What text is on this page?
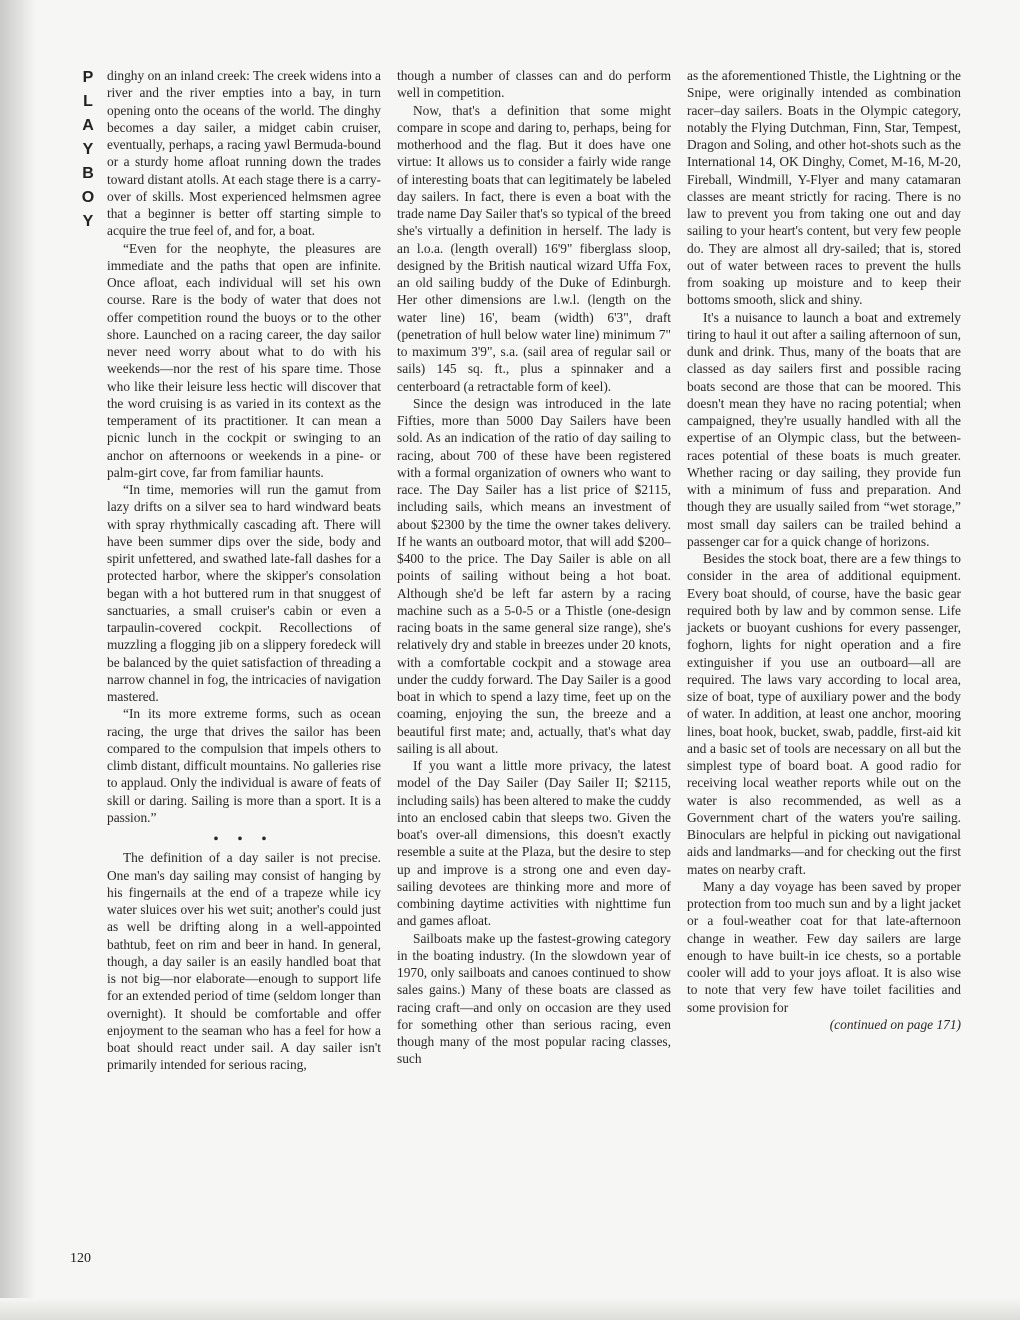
P
L
A
Y
B
O
Y

dinghy on an inland creek: The creek widens into a river and the river empties into a bay, in turn opening onto the oceans of the world. The dinghy becomes a day sailer, a midget cabin cruiser, eventually, perhaps, a racing yawl Bermuda-bound or a sturdy home afloat running down the trades toward distant atolls. At each stage there is a carry-over of skills. Most experienced helmsmen agree that a beginner is better off starting simple to acquire the true feel of, and for, a boat.

“Even for the neophyte, the pleasures are immediate and the paths that open are infinite. Once afloat, each individual will set his own course. Rare is the body of water that does not offer competition round the buoys or to the other shore. Launched on a racing career, the day sailor never need worry about what to do with his weekends—nor the rest of his spare time. Those who like their leisure less hectic will discover that the word cruising is as varied in its context as the temperament of its practitioner. It can mean a picnic lunch in the cockpit or swinging to an anchor on afternoons or weekends in a pine- or palm-girt cove, far from familiar haunts.

“In time, memories will run the gamut from lazy drifts on a silver sea to hard windward beats with spray rhythmically cascading aft. There will have been summer dips over the side, body and spirit unfettered, and swathed late-fall dashes for a protected harbor, where the skipper's consolation began with a hot buttered rum in that snuggest of sanctuaries, a small cruiser's cabin or even a tarpaulin-covered cockpit. Recollections of muzzling a flogging jib on a slippery foredeck will be balanced by the quiet satisfaction of threading a narrow channel in fog, the intricacies of navigation mastered.

“In its more extreme forms, such as ocean racing, the urge that drives the sailor has been compared to the compulsion that impels others to climb distant, difficult mountains. No galleries rise to applaud. Only the individual is aware of feats of skill or daring. Sailing is more than a sport. It is a passion.”

• • •

The definition of a day sailer is not precise. One man's day sailing may consist of hanging by his fingernails at the end of a trapeze while icy water sluices over his wet suit; another's could just as well be drifting along in a well-appointed bathtub, feet on rim and beer in hand. In general, though, a day sailer is an easily handled boat that is not big—nor elaborate—enough to support life for an extended period of time (seldom longer than overnight). It should be comfortable and offer enjoyment to the seaman who has a feel for how a boat should react under sail. A day sailer isn't primarily intended for serious racing,

though a number of classes can and do perform well in competition.

Now, that's a definition that some might compare in scope and daring to, perhaps, being for motherhood and the flag. But it does have one virtue: It allows us to consider a fairly wide range of interesting boats that can legitimately be labeled day sailers. In fact, there is even a boat with the trade name Day Sailer that's so typical of the breed she's virtually a definition in herself. The lady is an l.o.a. (length overall) 16'9" fiberglass sloop, designed by the British nautical wizard Uffa Fox, an old sailing buddy of the Duke of Edinburgh. Her other dimensions are l.w.l. (length on the water line) 16', beam (width) 6'3", draft (penetration of hull below water line) minimum 7" to maximum 3'9", s.a. (sail area of regular sail or sails) 145 sq. ft., plus a spinnaker and a centerboard (a retractable form of keel).

Since the design was introduced in the late Fifties, more than 5000 Day Sailers have been sold. As an indication of the ratio of day sailing to racing, about 700 of these have been registered with a formal organization of owners who want to race. The Day Sailer has a list price of $2115, including sails, which means an investment of about $2300 by the time the owner takes delivery. If he wants an outboard motor, that will add $200–$400 to the price. The Day Sailer is able on all points of sailing without being a hot boat. Although she'd be left far astern by a racing machine such as a 5-0-5 or a Thistle (one-design racing boats in the same general size range), she's relatively dry and stable in breezes under 20 knots, with a comfortable cockpit and a stowage area under the cuddy forward. The Day Sailer is a good boat in which to spend a lazy time, feet up on the coaming, enjoying the sun, the breeze and a beautiful first mate; and, actually, that's what day sailing is all about.

If you want a little more privacy, the latest model of the Day Sailer (Day Sailer II; $2115, including sails) has been altered to make the cuddy into an enclosed cabin that sleeps two. Given the boat's over-all dimensions, this doesn't exactly resemble a suite at the Plaza, but the desire to step up and improve is a strong one and even day-sailing devotees are thinking more and more of combining daytime activities with nighttime fun and games afloat.

Sailboats make up the fastest-growing category in the boating industry. (In the slowdown year of 1970, only sailboats and canoes continued to show sales gains.) Many of these boats are classed as racing craft—and only on occasion are they used for something other than serious racing, even though many of the most popular racing classes, such

as the aforementioned Thistle, the Lightning or the Snipe, were originally intended as combination racer–day sailers. Boats in the Olympic category, notably the Flying Dutchman, Finn, Star, Tempest, Dragon and Soling, and other hot-shots such as the International 14, OK Dinghy, Comet, M-16, M-20, Fireball, Windmill, Y-Flyer and many catamaran classes are meant strictly for racing. There is no law to prevent you from taking one out and day sailing to your heart's content, but very few people do. They are almost all dry-sailed; that is, stored out of water between races to prevent the hulls from soaking up moisture and to keep their bottoms smooth, slick and shiny.

It's a nuisance to launch a boat and extremely tiring to haul it out after a sailing afternoon of sun, dunk and drink. Thus, many of the boats that are classed as day sailers first and possible racing boats second are those that can be moored. This doesn't mean they have no racing potential; when campaigned, they're usually handled with all the expertise of an Olympic class, but the between-races potential of these boats is much greater. Whether racing or day sailing, they provide fun with a minimum of fuss and preparation. And though they are usually sailed from “wet storage,” most small day sailers can be trailed behind a passenger car for a quick change of horizons.

Besides the stock boat, there are a few things to consider in the area of additional equipment. Every boat should, of course, have the basic gear required both by law and by common sense. Life jackets or buoyant cushions for every passenger, foghorn, lights for night operation and a fire extinguisher if you use an outboard—all are required. The laws vary according to local area, size of boat, type of auxiliary power and the body of water. In addition, at least one anchor, mooring lines, boat hook, bucket, swab, paddle, first-aid kit and a basic set of tools are necessary on all but the simplest type of board boat. A good radio for receiving local weather reports while out on the water is also recommended, as well as a Government chart of the waters you're sailing. Binoculars are helpful in picking out navigational aids and landmarks—and for checking out the first mates on nearby craft.

Many a day voyage has been saved by proper protection from too much sun and by a light jacket or a foul-weather coat for that late-afternoon change in weather. Few day sailers are large enough to have built-in ice chests, so a portable cooler will add to your joys afloat. It is also wise to note that very few have toilet facilities and some provision for

(continued on page 171)
120
